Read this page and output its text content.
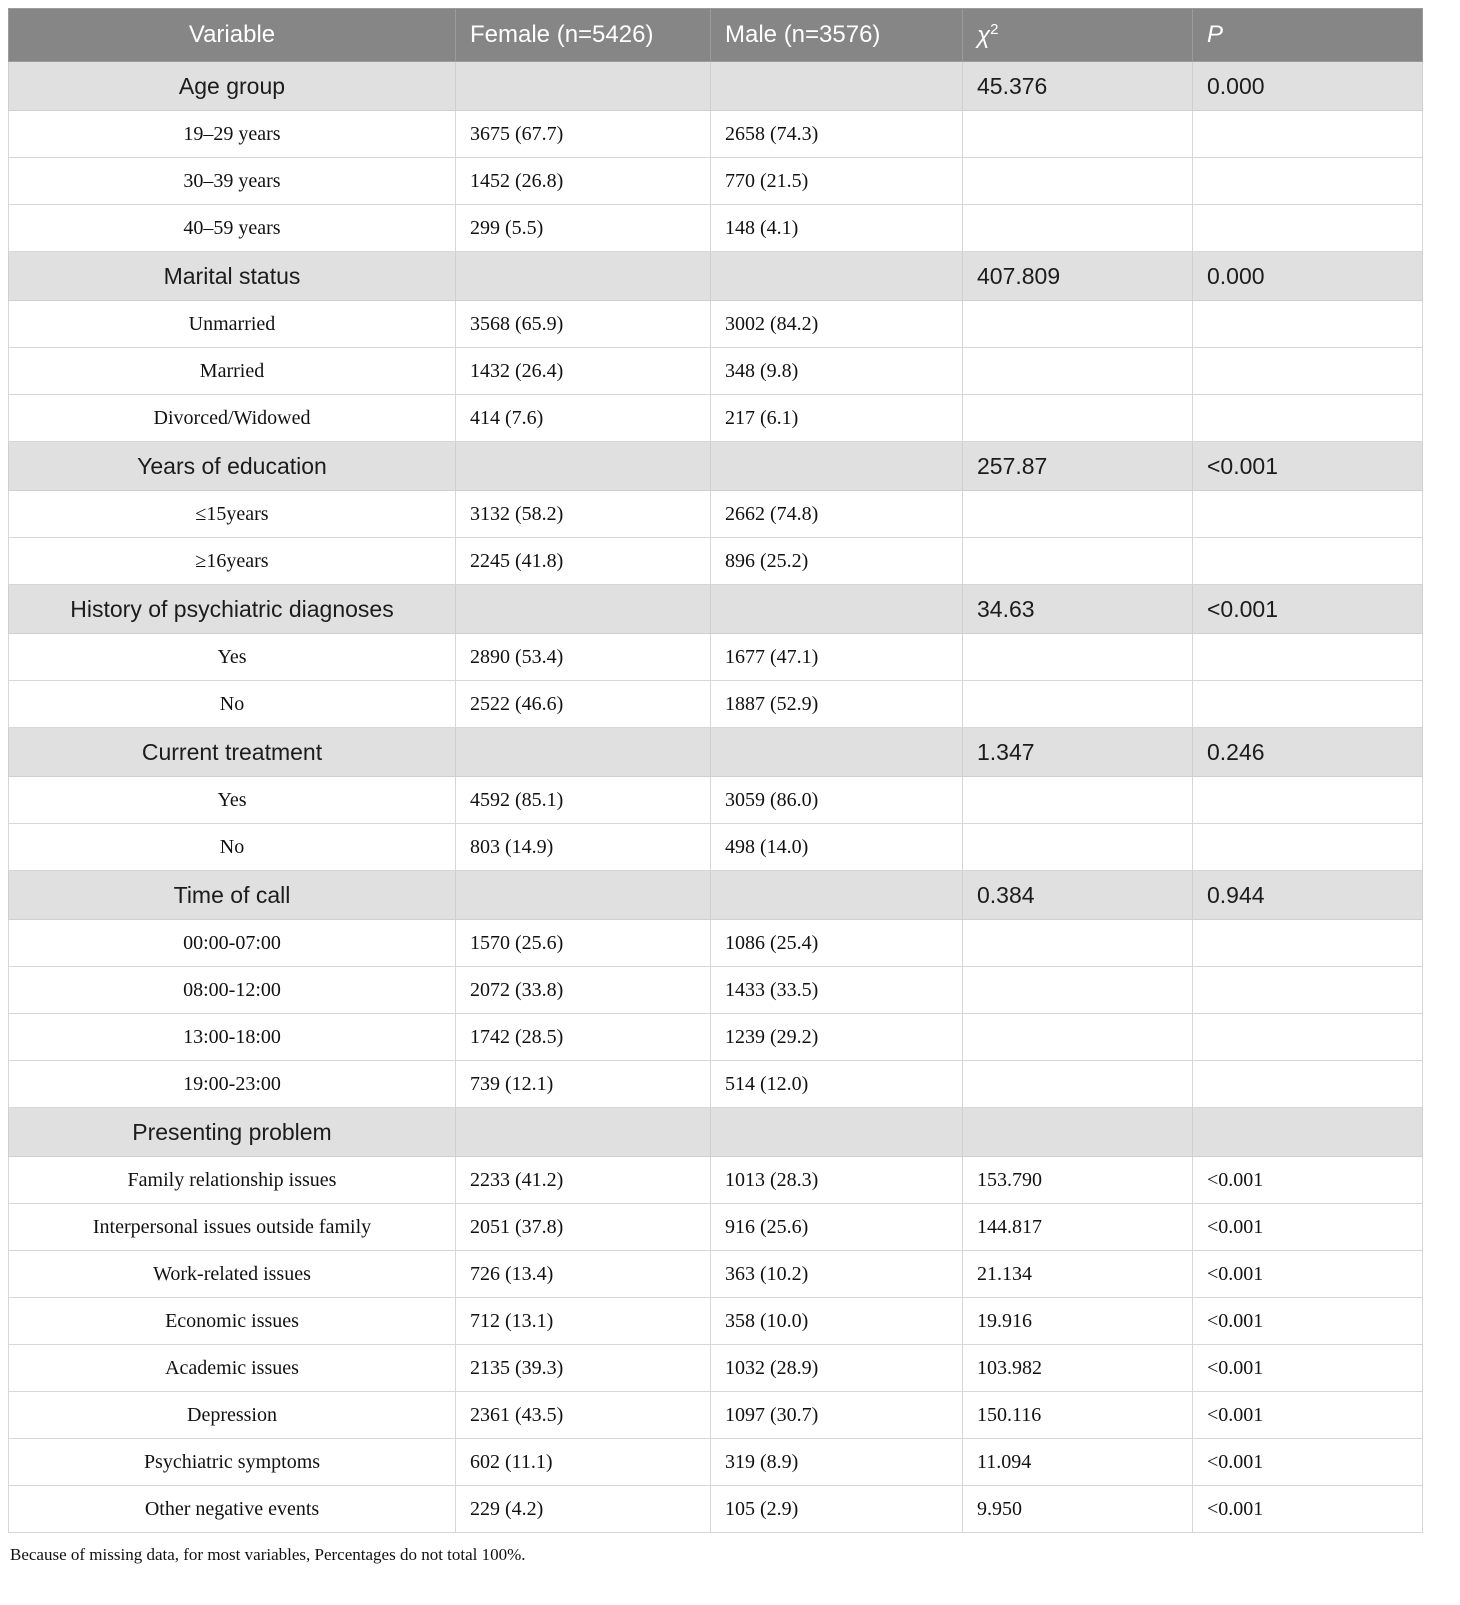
Variable	Female (n=5426)	Male (n=3576)	$\chi^2$	P
Age group			45.376	0.000
19–29 years	3675 (67.7)	2658 (74.3)		
30–39 years	1452 (26.8)	770 (21.5)		
40–59 years	299 (5.5)	148 (4.1)		
Marital status			407.809	0.000
Unmarried	3568 (65.9)	3002 (84.2)		
Married	1432 (26.4)	348 (9.8)		
Divorced/Widowed	414 (7.6)	217 (6.1)		
Years of education			257.87	<0.001
≤15years	3132 (58.2)	2662 (74.8)		
≥16years	2245 (41.8)	896 (25.2)		
History of psychiatric diagnoses			34.63	<0.001
Yes	2890 (53.4)	1677 (47.1)		
No	2522 (46.6)	1887 (52.9)		
Current treatment			1.347	0.246
Yes	4592 (85.1)	3059 (86.0)		
No	803 (14.9)	498 (14.0)		
Time of call			0.384	0.944
00:00-07:00	1570 (25.6)	1086 (25.4)		
08:00-12:00	2072 (33.8)	1433 (33.5)		
13:00-18:00	1742 (28.5)	1239 (29.2)		
19:00-23:00	739 (12.1)	514 (12.0)		
Presenting problem				
Family relationship issues	2233 (41.2)	1013 (28.3)	153.790	<0.001
Interpersonal issues outside family	2051 (37.8)	916 (25.6)	144.817	<0.001
Work-related issues	726 (13.4)	363 (10.2)	21.134	<0.001
Economic issues	712 (13.1)	358 (10.0)	19.916	<0.001
Academic issues	2135 (39.3)	1032 (28.9)	103.982	<0.001
Depression	2361 (43.5)	1097 (30.7)	150.116	<0.001
Psychiatric symptoms	602 (11.1)	319 (8.9)	11.094	<0.001
Other negative events	229 (4.2)	105 (2.9)	9.950	<0.001
Because of missing data, for most variables, Percentages do not total 100%.
